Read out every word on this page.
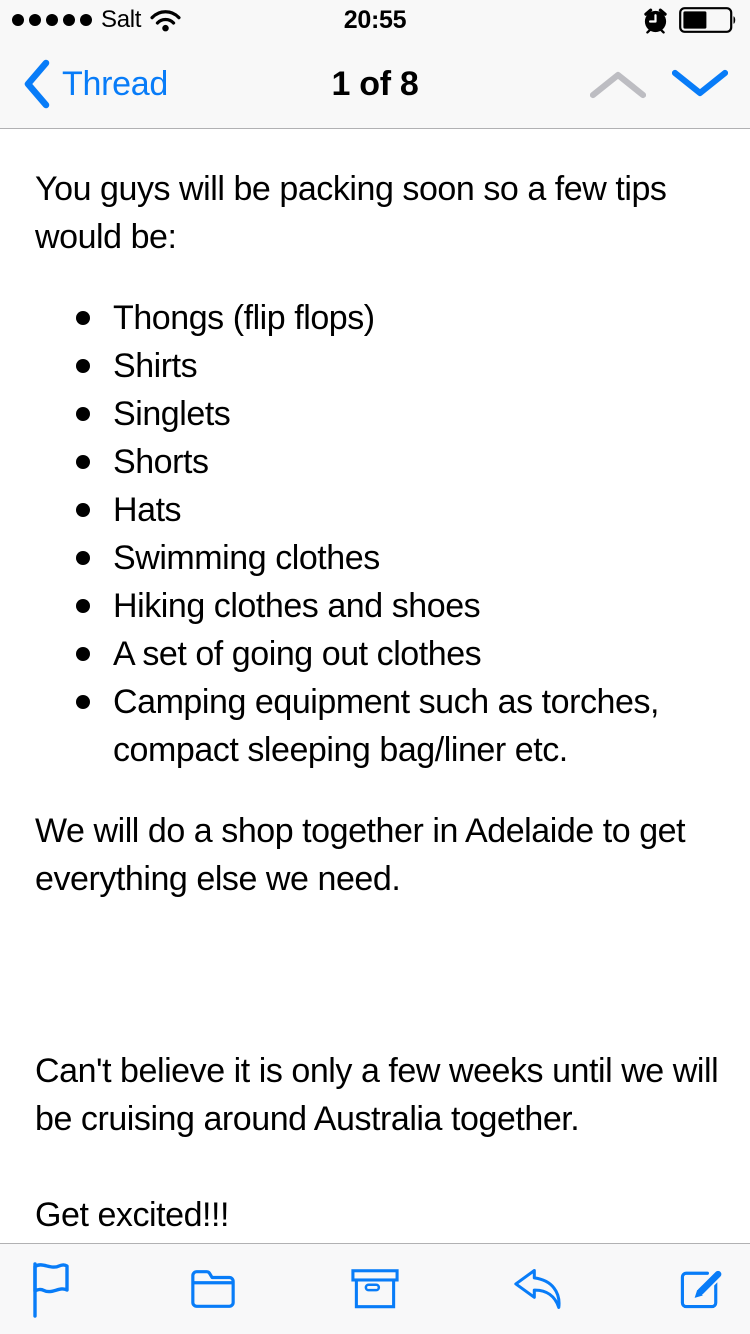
Salt	20:55
Thread	1 of 8

You guys will be packing soon so a few tips would be:

Thongs (flip flops)
Shirts
Singlets
Shorts
Hats
Swimming clothes
Hiking clothes and shoes
A set of going out clothes
Camping equipment such as torches, compact sleeping bag/liner etc.

We will do a shop together in Adelaide to get everything else we need.

Can't believe it is only a few weeks until we will be cruising around Australia together.

Get excited!!!
